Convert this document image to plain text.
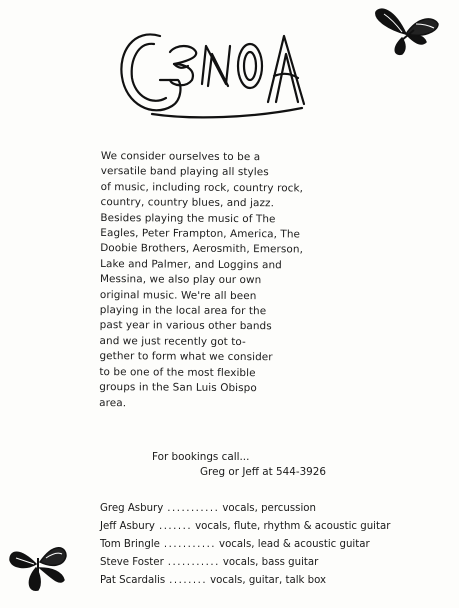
We consider ourselves to be a
versatile band playing all styles
of music, including rock, country rock,
country, country blues, and jazz.
Besides playing the music of The
Eagles, Peter Frampton, America, The
Doobie Brothers, Aerosmith, Emerson,
Lake and Palmer, and Loggins and
Messina, we also play our own
original music. We're all been
playing in the local area for the
past year in various other bands
and we just recently got to-
gether to form what we consider
to be one of the most flexible
groups in the San Luis Obispo
area.
For bookings call...
Greg or Jeff at 544-3926
Greg Asbury ........... vocals, percussion
Jeff Asbury ....... vocals, flute, rhythm & acoustic guitar
Tom Bringle ........... vocals, lead & acoustic guitar
Steve Foster ........... vocals, bass guitar
Pat Scardalis ........ vocals, guitar, talk box
